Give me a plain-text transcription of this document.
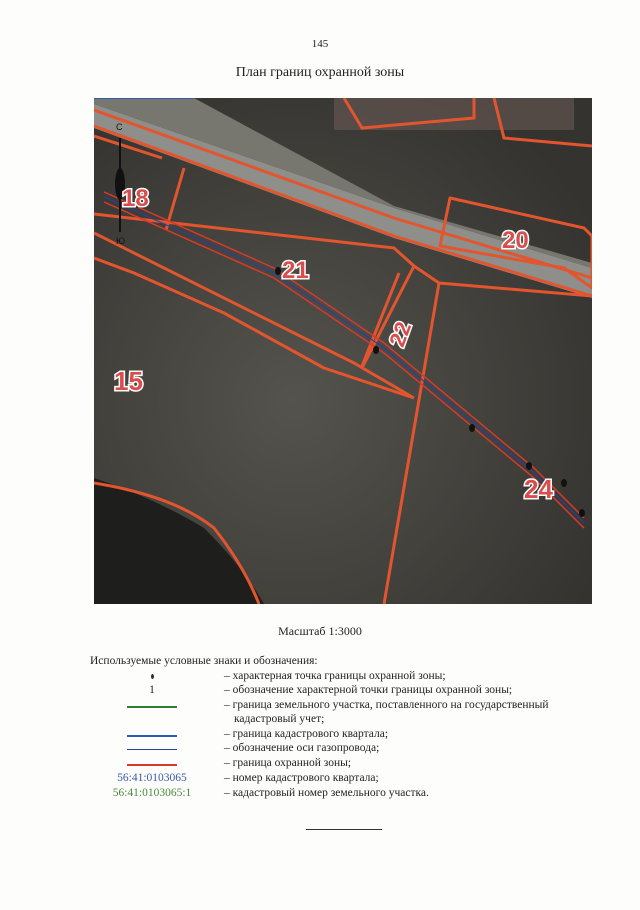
145
План границ охранной зоны
С
Ю
18
21
22
20
15
24
Масштаб 1:3000
Используемые условные знаки и обозначения:
– характерная точка границы охранной зоны;
1	– обозначение характерной точки границы охранной зоны;
– граница земельного участка, поставленного на государственный
кадастровый учет;
– граница кадастрового квартала;
– обозначение оси газопровода;
– граница охранной зоны;
56:41:0103065	– номер кадастрового квартала;
56:41:0103065:1	– кадастровый номер земельного участка.
